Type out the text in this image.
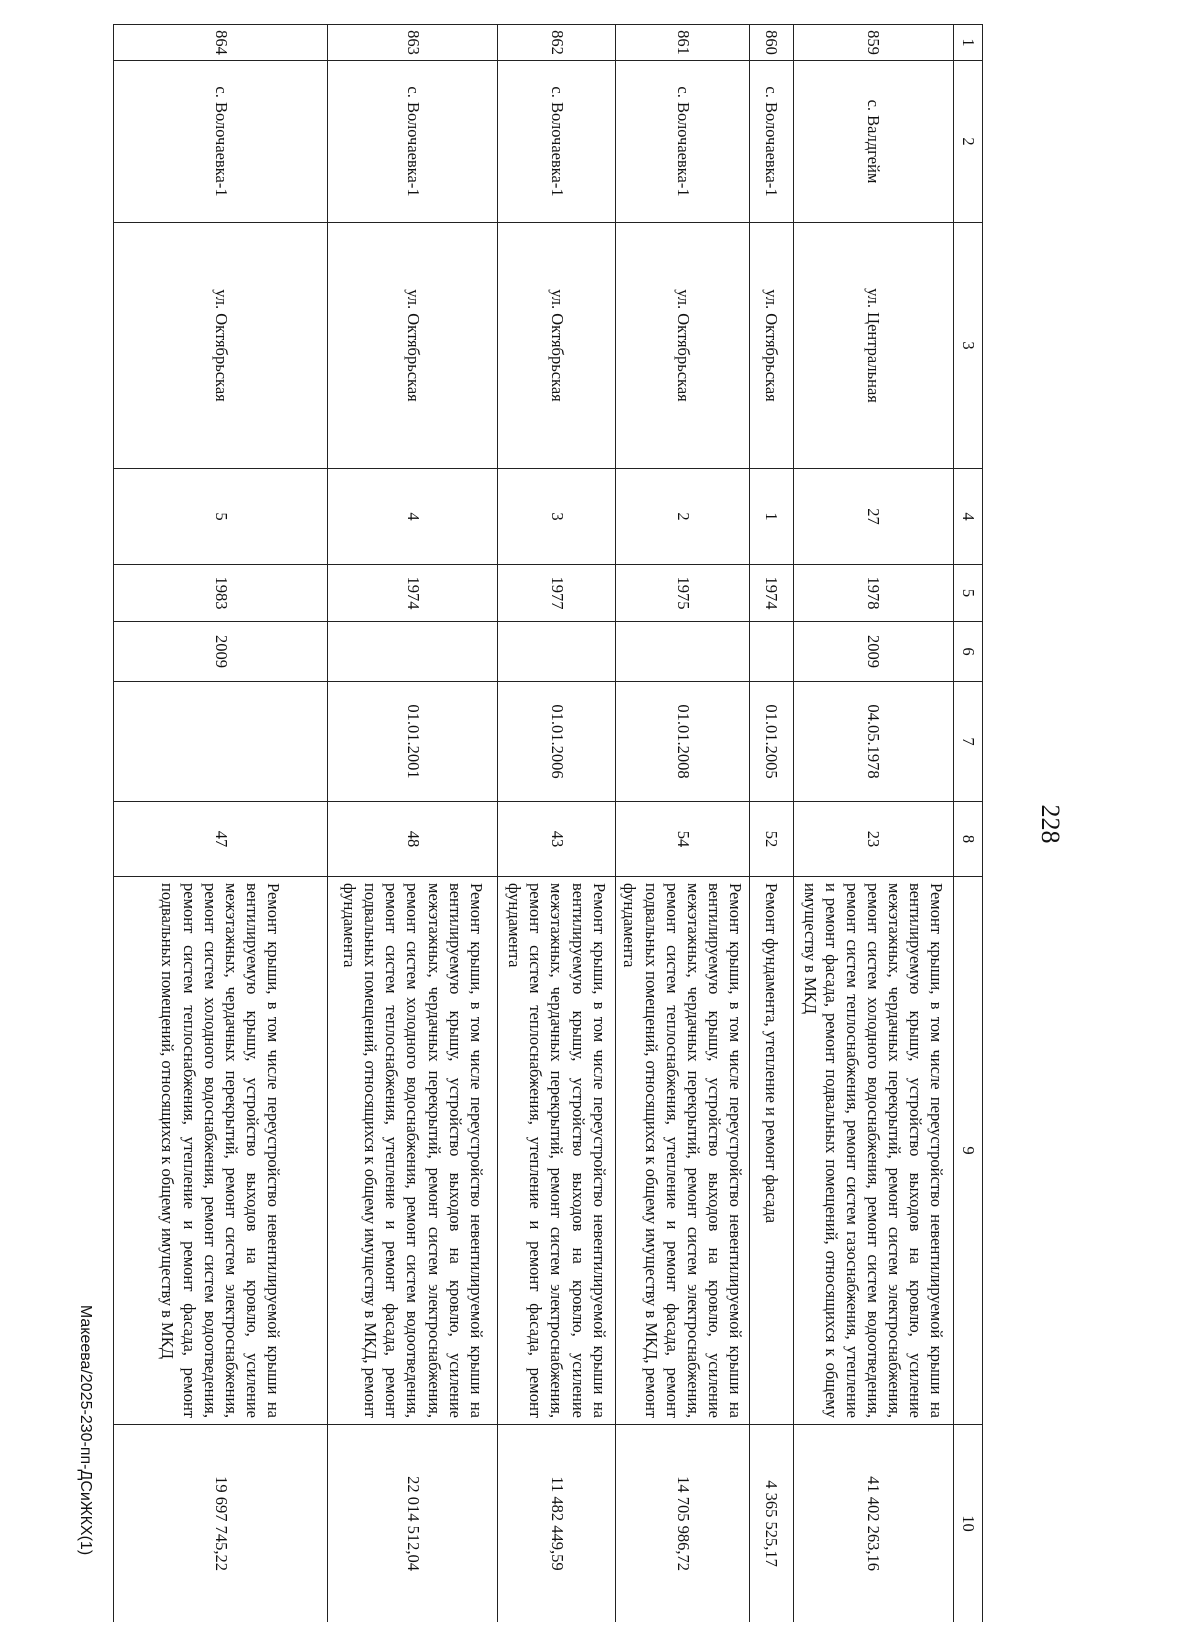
228
Макеева/2025-230-пп-ДСиЖКХ(1)
1	2	3	4	5	6	7	8	9	10
859	с. Валдгейм	ул. Центральная	27	1978	2009	04.05.1978	23	Ремонт крыши, в том числе переустройство невентилируемой крыши на вентилируемую крышу, устройство выходов на кровлю, усиление межэтажных, чердачных перекрытий, ремонт систем электроснабжения, ремонт систем холодного водоснабжения, ремонт систем водоотведения, ремонт систем теплоснабжения, ремонт систем газоснабжения, утепление и ремонт фасада, ремонт подвальных помещений, относящихся к общему имуществу в МКД	41 402 263,16
860	с. Волочаевка-1	ул. Октябрьская	1	1974		01.01.2005	52	Ремонт фундамента, утепление и ремонт фасада	4 365 525,17
861	с. Волочаевка-1	ул. Октябрьская	2	1975		01.01.2008	54	Ремонт крыши, в том числе переустройство невентилируемой крыши на вентилируемую крышу, устройство выходов на кровлю, усиление межэтажных, чердачных перекрытий, ремонт систем электроснабжения, ремонт систем теплоснабжения, утепление и ремонт фасада, ремонт подвальных помещений, относящихся к общему имуществу в МКД, ремонт фундамента	14 705 986,72
862	с. Волочаевка-1	ул. Октябрьская	3	1977		01.01.2006	43	Ремонт крыши, в том числе переустройство невентилируемой крыши на вентилируемую крышу, устройство выходов на кровлю, усиление межэтажных, чердачных перекрытий, ремонт систем электроснабжения, ремонт систем теплоснабжения, утепление и ремонт фасада, ремонт фундамента	11 482 449,59
863	с. Волочаевка-1	ул. Октябрьская	4	1974		01.01.2001	48	Ремонт крыши, в том числе переустройство невентилируемой крыши на вентилируемую крышу, устройство выходов на кровлю, усиление межэтажных, чердачных перекрытий, ремонт систем электроснабжения, ремонт систем холодного водоснабжения, ремонт систем водоотведения, ремонт систем теплоснабжения, утепление и ремонт фасада, ремонт подвальных помещений, относящихся к общему имуществу в МКД, ремонт фундамента	22 014 512,04
864	с. Волочаевка-1	ул. Октябрьская	5	1983	2009		47	Ремонт крыши, в том числе переустройство невентилируемой крыши на вентилируемую крышу, устройство выходов на кровлю, усиление межэтажных, чердачных перекрытий, ремонт систем электроснабжения, ремонт систем холодного водоснабжения, ремонт систем водоотведения, ремонт систем теплоснабжения, утепление и ремонт фасада, ремонт подвальных помещений, относящихся к общему имуществу в МКД	19 697 745,22
